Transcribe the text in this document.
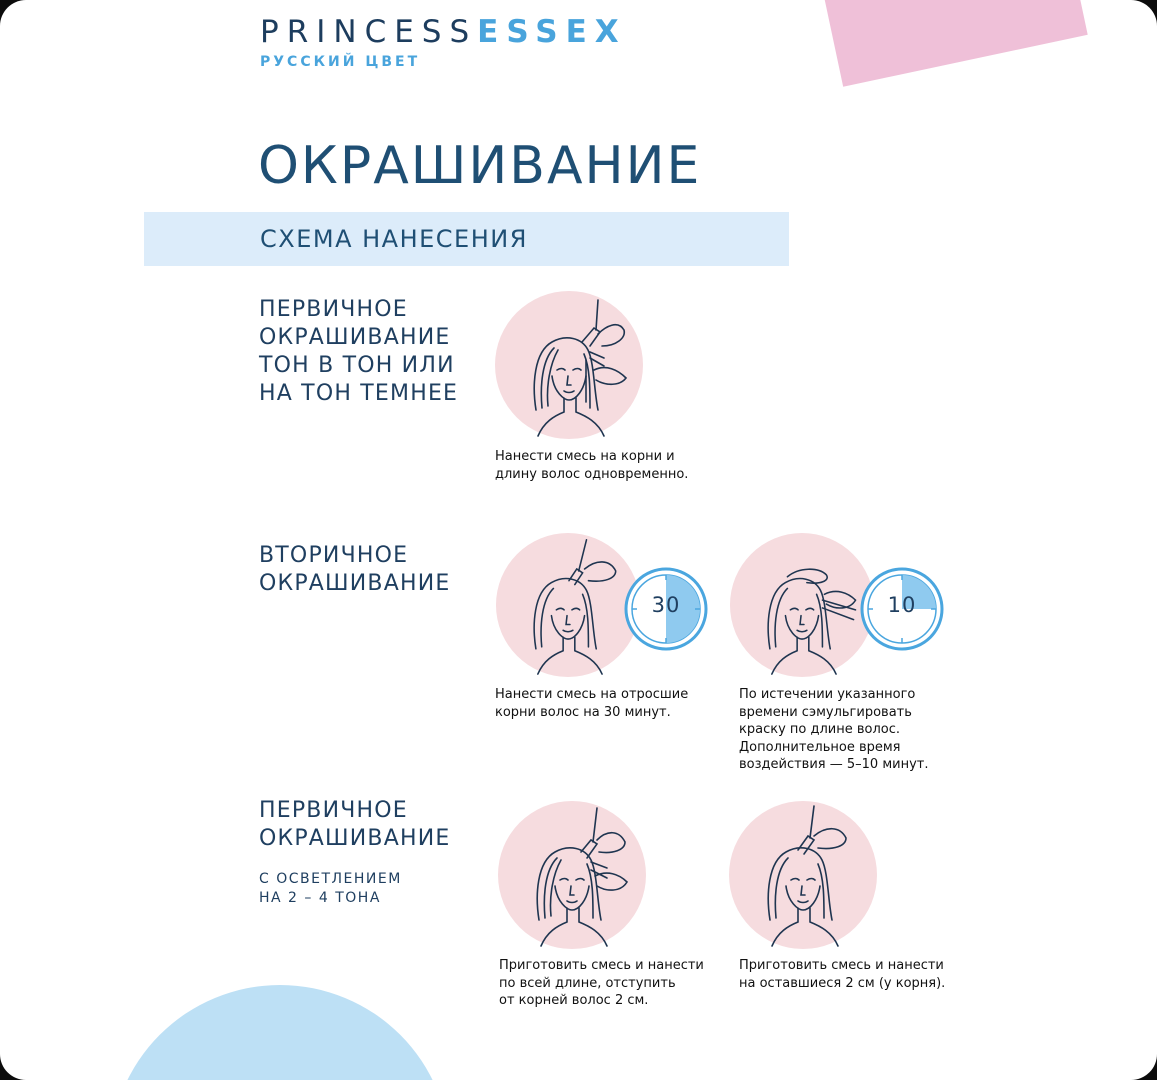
PRINCESSESSEX
РУССКИЙ ЦВЕТ
ОКРАШИВАНИЕ
СХЕМА НАНЕСЕНИЯ
ПЕРВИЧНОЕ
ОКРАШИВАНИЕ
ТОН В ТОН ИЛИ
НА ТОН ТЕМНЕЕ
Нанести смесь на корни и
длину волос одновременно.
ВТОРИЧНОЕ
ОКРАШИВАНИЕ
30
Нанести смесь на отросшие
корни волос на 30 минут.
10
По истечении указанного
времени сэмульгировать
краску по длине волос.
Дополнительное время
воздействия — 5–10 минут.
ПЕРВИЧНОЕ
ОКРАШИВАНИЕ
С ОСВЕТЛЕНИЕМ
НА 2 – 4 ТОНА
Приготовить смесь и нанести
по всей длине, отступить
от корней волос 2 см.
Приготовить смесь и нанести
на оставшиеся 2 см (у корня).
